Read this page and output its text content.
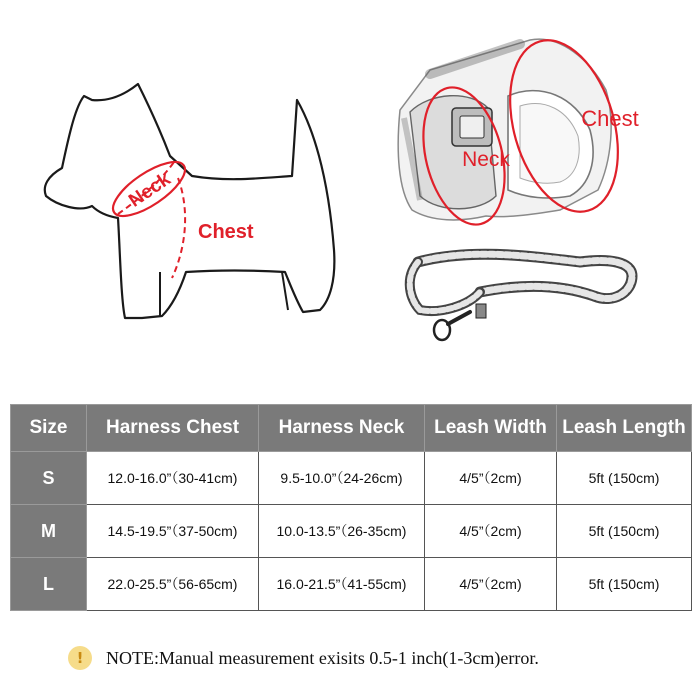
Neck
Chest
Neck
Chest
Size	Harness Chest	Harness Neck	Leash Width	Leash Length
S	12.0-16.0”（30-41cm)	9.5-10.0”（24-26cm)	4/5”（2cm)	5ft (150cm)
M	14.5-19.5”（37-50cm)	10.0-13.5”（26-35cm)	4/5”（2cm)	5ft (150cm)
L	22.0-25.5”（56-65cm)	16.0-21.5”（41-55cm)	4/5”（2cm)	5ft (150cm)
!	NOTE:Manual measurement exisits 0.5-1 inch(1-3cm)error.
